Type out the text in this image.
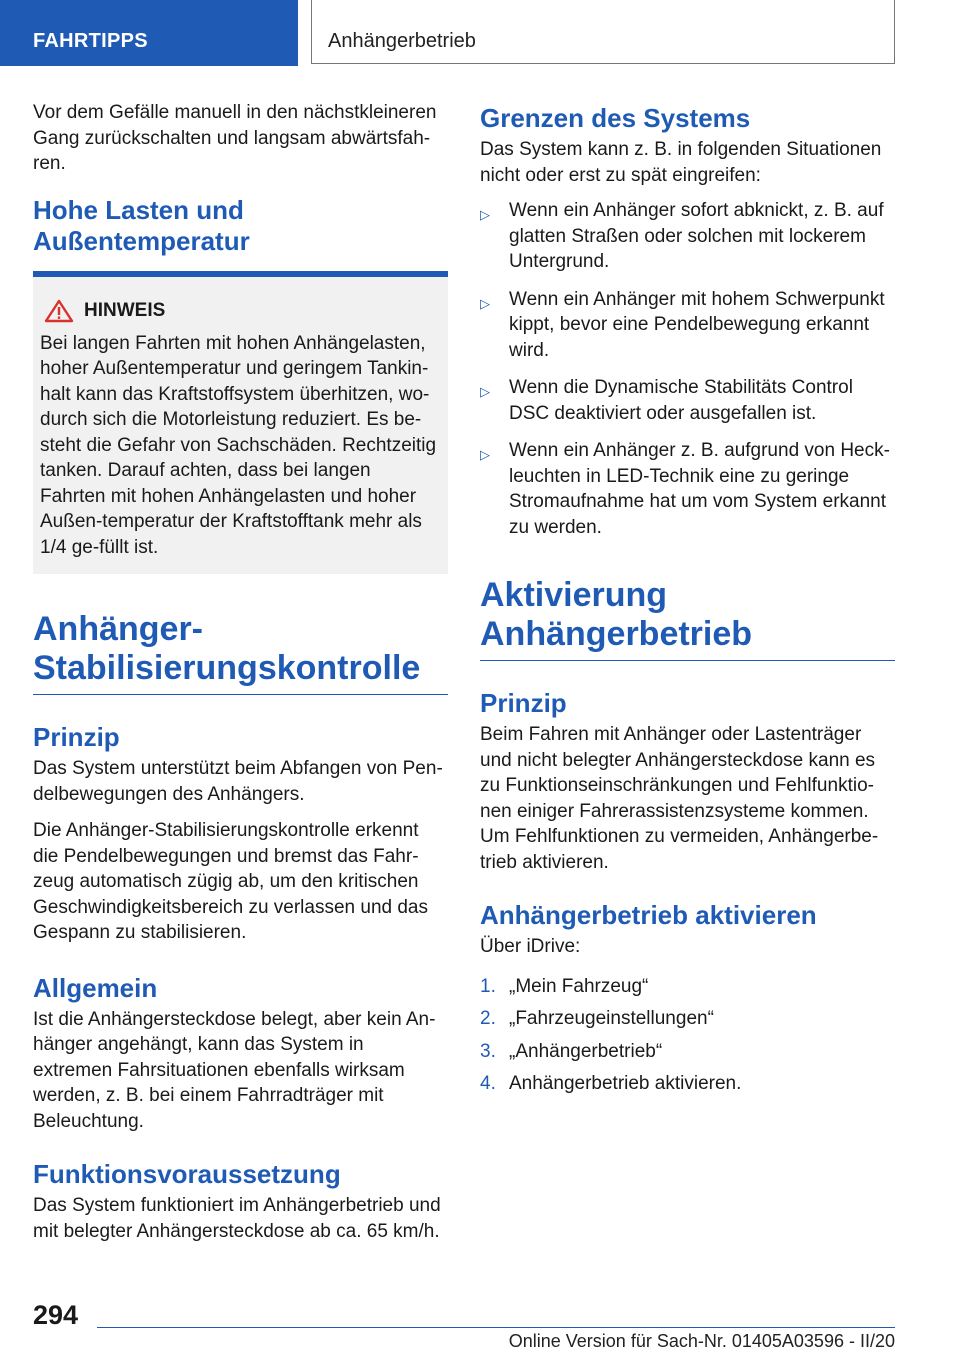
FAHRTIPPS	Anhängerbetrieb

Vor dem Gefälle manuell in den nächstkleineren Gang zurückschalten und langsam abwärtsfah‐ren.

Hohe Lasten und Außentemperatur
HINWEIS

Bei langen Fahrten mit hohen Anhängelasten, hoher Außentemperatur und geringem Tankin‐halt kann das Kraftstoffsystem überhitzen, wo‐durch sich die Motorleistung reduziert. Es be‐steht die Gefahr von Sachschäden. Rechtzeitig tanken. Darauf achten, dass bei langen Fahrten mit hohen Anhängelasten und hoher Außen‐temperatur der Kraftstofftank mehr als 1/4 ge‐füllt ist.

Anhänger-
Stabilisierungskontrolle
Prinzip

Das System unterstützt beim Abfangen von Pen‐delbewegungen des Anhängers.

Die Anhänger-Stabilisierungskontrolle erkennt die Pendelbewegungen und bremst das Fahr‐zeug automatisch zügig ab, um den kritischen Geschwindigkeitsbereich zu verlassen und das Gespann zu stabilisieren.

Allgemein

Ist die Anhängersteckdose belegt, aber kein An‐hänger angehängt, kann das System in extremen Fahrsituationen ebenfalls wirksam werden, z. B. bei einem Fahrradträger mit Beleuchtung.

Funktionsvoraussetzung

Das System funktioniert im Anhängerbetrieb und mit belegter Anhängersteckdose ab ca. 65 km/h.

Grenzen des Systems

Das System kann z. B. in folgenden Situationen nicht oder erst zu spät eingreifen:

▷ Wenn ein Anhänger sofort abknickt, z. B. auf glatten Straßen oder solchen mit lockerem Untergrund.
▷ Wenn ein Anhänger mit hohem Schwerpunkt kippt, bevor eine Pendelbewegung erkannt wird.
▷ Wenn die Dynamische Stabilitäts Control DSC deaktiviert oder ausgefallen ist.
▷ Wenn ein Anhänger z. B. aufgrund von Heck‐leuchten in LED-Technik eine zu geringe Stromaufnahme hat um vom System erkannt zu werden.
Aktivierung
Anhängerbetrieb
Prinzip

Beim Fahren mit Anhänger oder Lastenträger und nicht belegter Anhängersteckdose kann es zu Funktionseinschränkungen und Fehlfunktio‐nen einiger Fahrerassistenzsysteme kommen. Um Fehlfunktionen zu vermeiden, Anhängerbe‐trieb aktivieren.

Anhängerbetrieb aktivieren

Über iDrive:

1. „Mein Fahrzeug“
2. „Fahrzeugeinstellungen“
3. „Anhängerbetrieb“
4. Anhängerbetrieb aktivieren.
294
Online Version für Sach-Nr. 01405A03596 - II/20
